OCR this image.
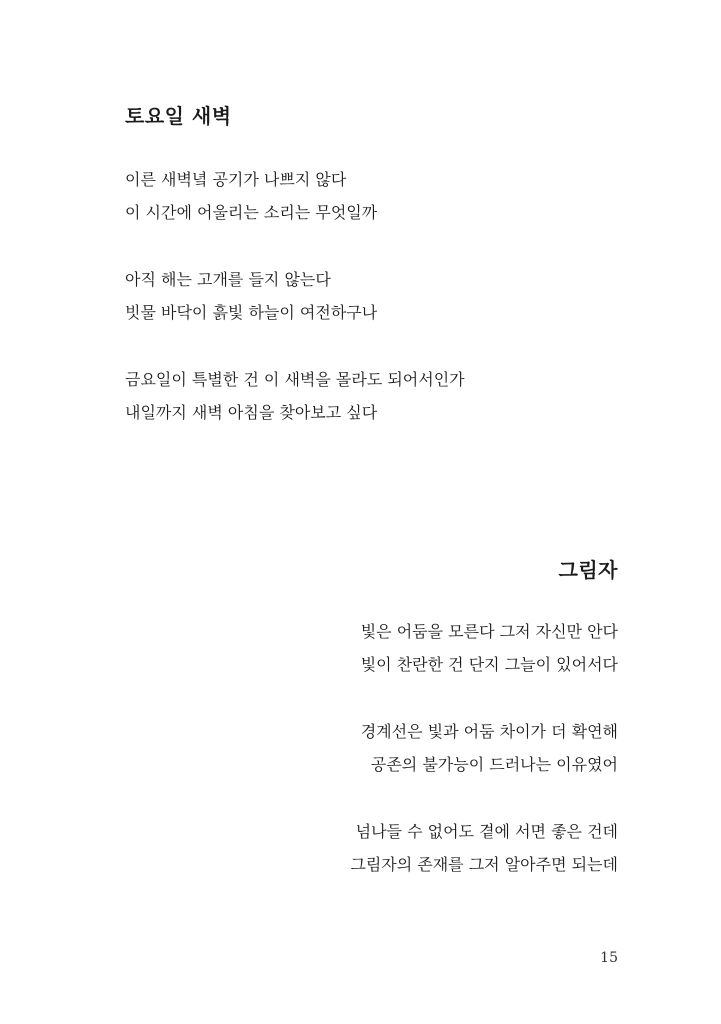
토요일 새벽
이른 새벽녘 공기가 나쁘지 않다
이 시간에 어울리는 소리는 무엇일까
아직 해는 고개를 들지 않는다
빗물 바닥이 흙빛 하늘이 여전하구나
금요일이 특별한 건 이 새벽을 몰라도 되어서인가
내일까지 새벽 아침을 찾아보고 싶다
그림자
빛은 어둠을 모른다 그저 자신만 안다
빛이 찬란한 건 단지 그늘이 있어서다
경계선은 빛과 어둠 차이가 더 확연해
공존의 불가능이 드러나는 이유였어
넘나들 수 없어도 곁에 서면 좋은 건데
그림자의 존재를 그저 알아주면 되는데
15
